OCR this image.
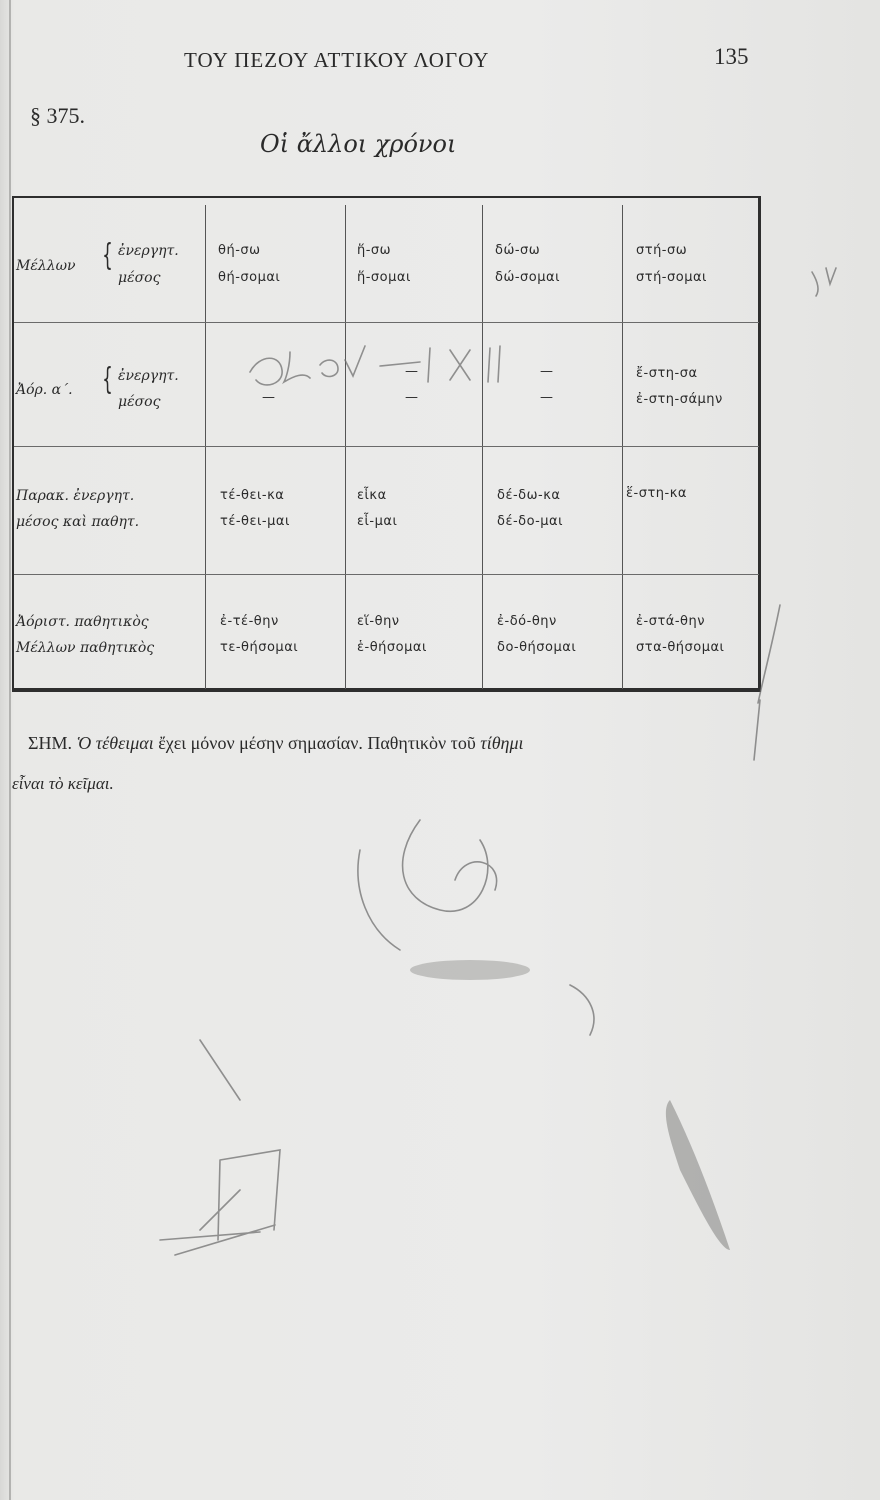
ΤΟΥ ΠΕΖΟΥ ΑΤΤΙΚΟΥ ΛΟΓΟΥ	135
§ 375.
Οἱ ἄλλοι χρόνοι
Μέλλων { ἐνεργητ.
μέσος
θή-σω
θή-σομαι
ἥ-σω
ἥ-σομαι
δώ-σω
δώ-σομαι
στή-σω
στή-σομαι
Ἀόρ. α΄. { ἐνεργητ.
μέσος	—
—
—
—
—
ἔ-στη-σα
ἐ-στη-σάμην
Παρακ. ἐνεργητ.
μέσος καὶ παθητ.
τέ-θει-κα
τέ-θει-μαι
εἷκα
εἷ-μαι
δέ-δω-κα
δέ-δο-μαι
ἕ-στη-κα
Ἀόριστ. παθητικὸς
Μέλλων παθητικὸς
ἐ-τέ-θην
τε-θήσομαι
εἵ-θην
ἑ-θήσομαι
ἐ-δό-θην
δο-θήσομαι
ἐ-στά-θην
στα-θήσομαι
ΣΗΜ. Ὁ τέθειμαι ἔχει μόνον μέσην σημασίαν. Παθητικὸν τοῦ τίθημι
εἶναι τὸ κεῖμαι.
